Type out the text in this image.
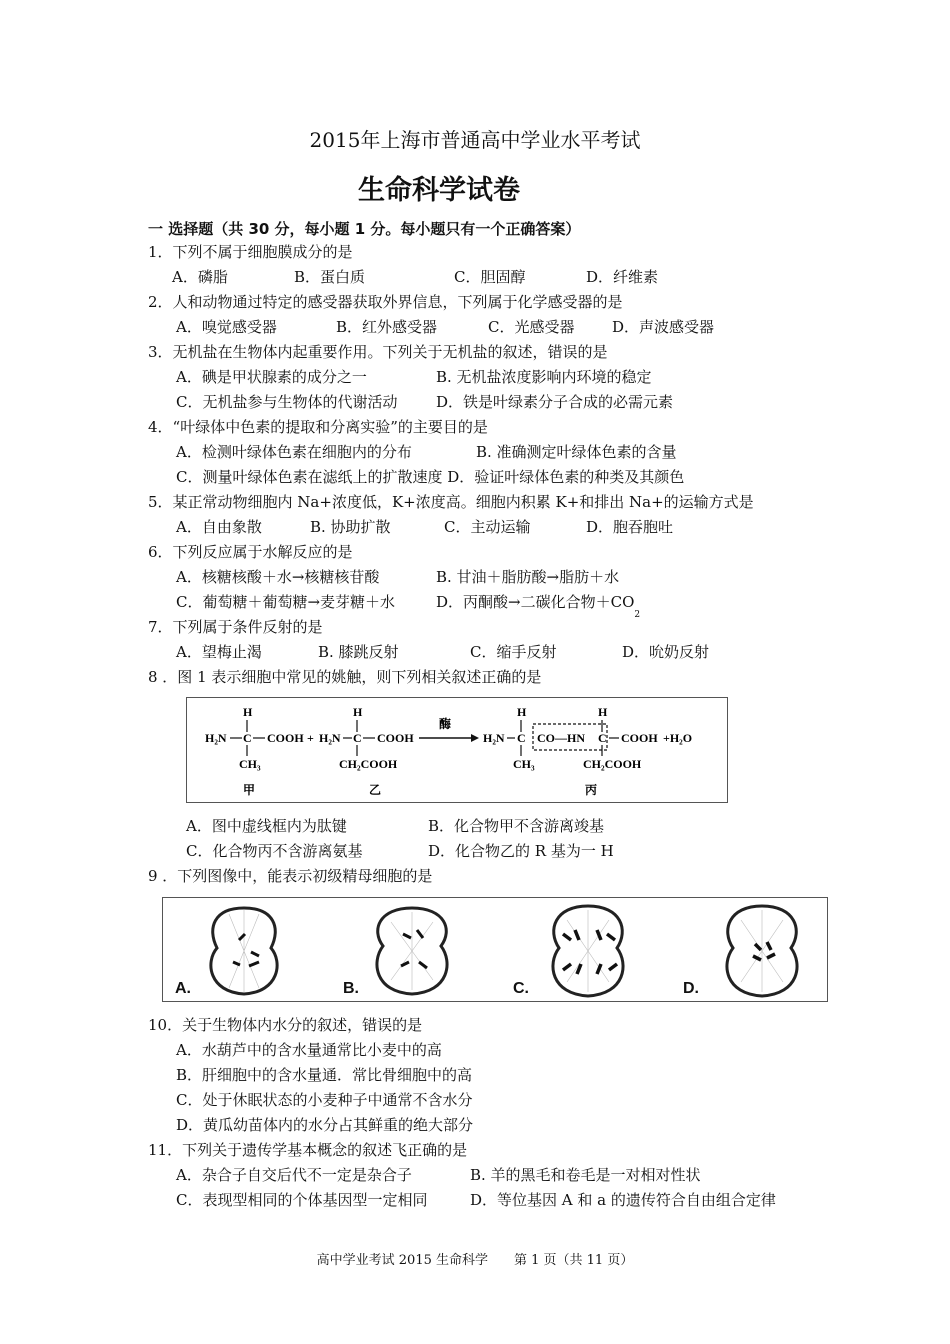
2015年上海市普通高中学业水平考试
生命科学试卷
一 选择题（共 30 分，每小题 1 分。每小题只有一个正确答案）
1．下列不属于细胞膜成分的是
A．磷脂	B．蛋白质	C．胆固醇	D．纤维素
2．人和动物通过特定的感受器获取外界信息，下列属于化学感受器的是
A．嗅觉感受器	B．红外感受器	C．光感受器	D．声波感受器
3．无机盐在生物体内起重要作用。下列关于无机盐的叙述，错误的是
A．碘是甲状腺素的成分之一	B. 无机盐浓度影响内环境的稳定
C．无机盐参与生物体的代谢活动	D．铁是叶绿素分子合成的必需元素
4．“叶绿体中色素的提取和分离实验”的主要目的是
A．检测叶绿体色素在细胞内的分布	B. 准确测定叶绿体色素的含量
C．测量叶绿体色素在滤纸上的扩散速度 D．验证叶绿体色素的种类及其颜色
5．某正常动物细胞内 Na+浓度低，K+浓度高。细胞内积累 K+和排出 Na+的运输方式是
A．自由象散	B. 协助扩散	C．主动运输	D．胞吞胞吐
6．下列反应属于水解反应的是
A．核糖核酸＋水→核糖核苷酸	B. 甘油＋脂肪酸→脂肪＋水
C．葡萄糖＋葡萄糖→麦芽糖＋水	D．丙酮酸→二碳化合物$+CO_2$
7．下列属于条件反射的是
A．望梅止渴	B. 膝跳反射	C．缩手反射	D．吮奶反射
8 ．图 1 表示细胞中常见的姚触，则下列相关叙述正确的是
H
H₂N C COOH
CH₃
+
H
H₂N C COOH
CH₂COOH
酶
H₂N
H
C
CH₃
CO—HN
H
C COOH +H₂O
CH₂COOH
甲	乙	丙
A．图中虚线框内为肽键	B．化合物甲不含游离竣基
C．化合物丙不含游离氨基	D．化合物乙的 R 基为一 H
9 ．下列图像中，能表示初级精母细胞的是
A.	B.	C.	D.
10．关于生物体内水分的叙述，错误的是
A．水葫芦中的含水量通常比小麦中的高
B．肝细胞中的含水量通．常比骨细胞中的高
C．处于休眠状态的小麦种子中通常不含水分
D．黄瓜幼苗体内的水分占其鲜重的绝大部分
11．下列关于遗传学基本概念的叙述飞正确的是
A．杂合子自交后代不一定是杂合子	B. 羊的黑毛和卷毛是一对相对性状
C．表现型相同的个体基因型一定相同	D．等位基因 A 和 a 的遗传符合自由组合定律
高中学业考试 2015 生命科学　　第 1 页（共 11 页）
